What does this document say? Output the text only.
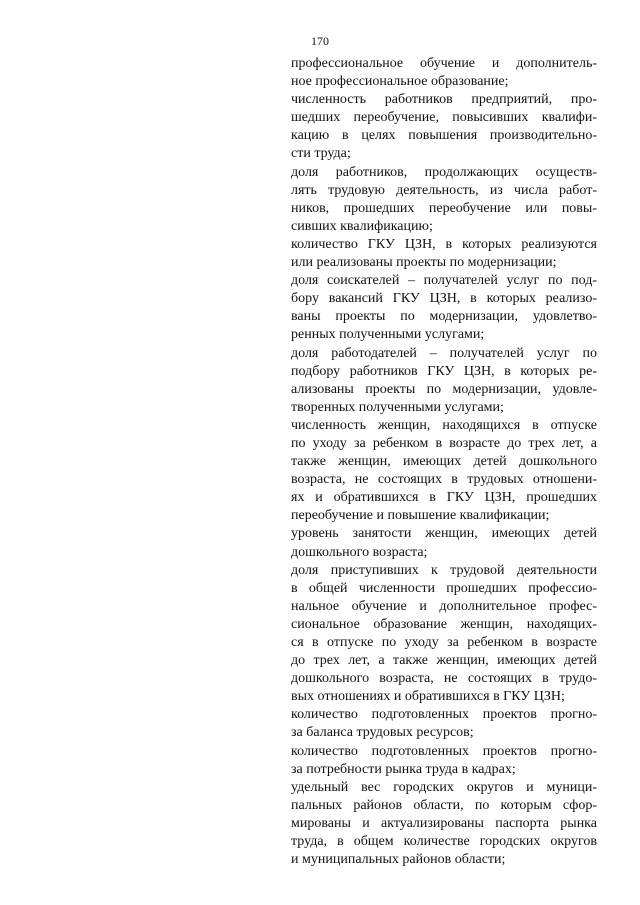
170
профессиональное обучение и дополнитель-
ное профессиональное образование;
численность работников предприятий, про-
шедших переобучение, повысивших квалифи-
кацию в целях повышения производительно-
сти труда;
доля работников, продолжающих осуществ-
лять трудовую деятельность, из числа работ-
ников, прошедших переобучение или повы-
сивших квалификацию;
количество ГКУ ЦЗН, в которых реализуются
или реализованы проекты по модернизации;
доля соискателей – получателей услуг по под-
бору вакансий ГКУ ЦЗН, в которых реализо-
ваны проекты по модернизации, удовлетво-
ренных полученными услугами;
доля работодателей – получателей услуг по
подбору работников ГКУ ЦЗН, в которых ре-
ализованы проекты по модернизации, удовле-
творенных полученными услугами;
численность женщин, находящихся в отпуске
по уходу за ребенком в возрасте до трех лет, а
также женщин, имеющих детей дошкольного
возраста, не состоящих в трудовых отношени-
ях и обратившихся в ГКУ ЦЗН, прошедших
переобучение и повышение квалификации;
уровень занятости женщин, имеющих детей
дошкольного возраста;
доля приступивших к трудовой деятельности
в общей численности прошедших профессио-
нальное обучение и дополнительное профес-
сиональное образование женщин, находящих-
ся в отпуске по уходу за ребенком в возрасте
до трех лет, а также женщин, имеющих детей
дошкольного возраста, не состоящих в трудо-
вых отношениях и обратившихся в ГКУ ЦЗН;
количество подготовленных проектов прогно-
за баланса трудовых ресурсов;
количество подготовленных проектов прогно-
за потребности рынка труда в кадрах;
удельный вес городских округов и муници-
пальных районов области, по которым сфор-
мированы и актуализированы паспорта рынка
труда, в общем количестве городских округов
и муниципальных районов области;
